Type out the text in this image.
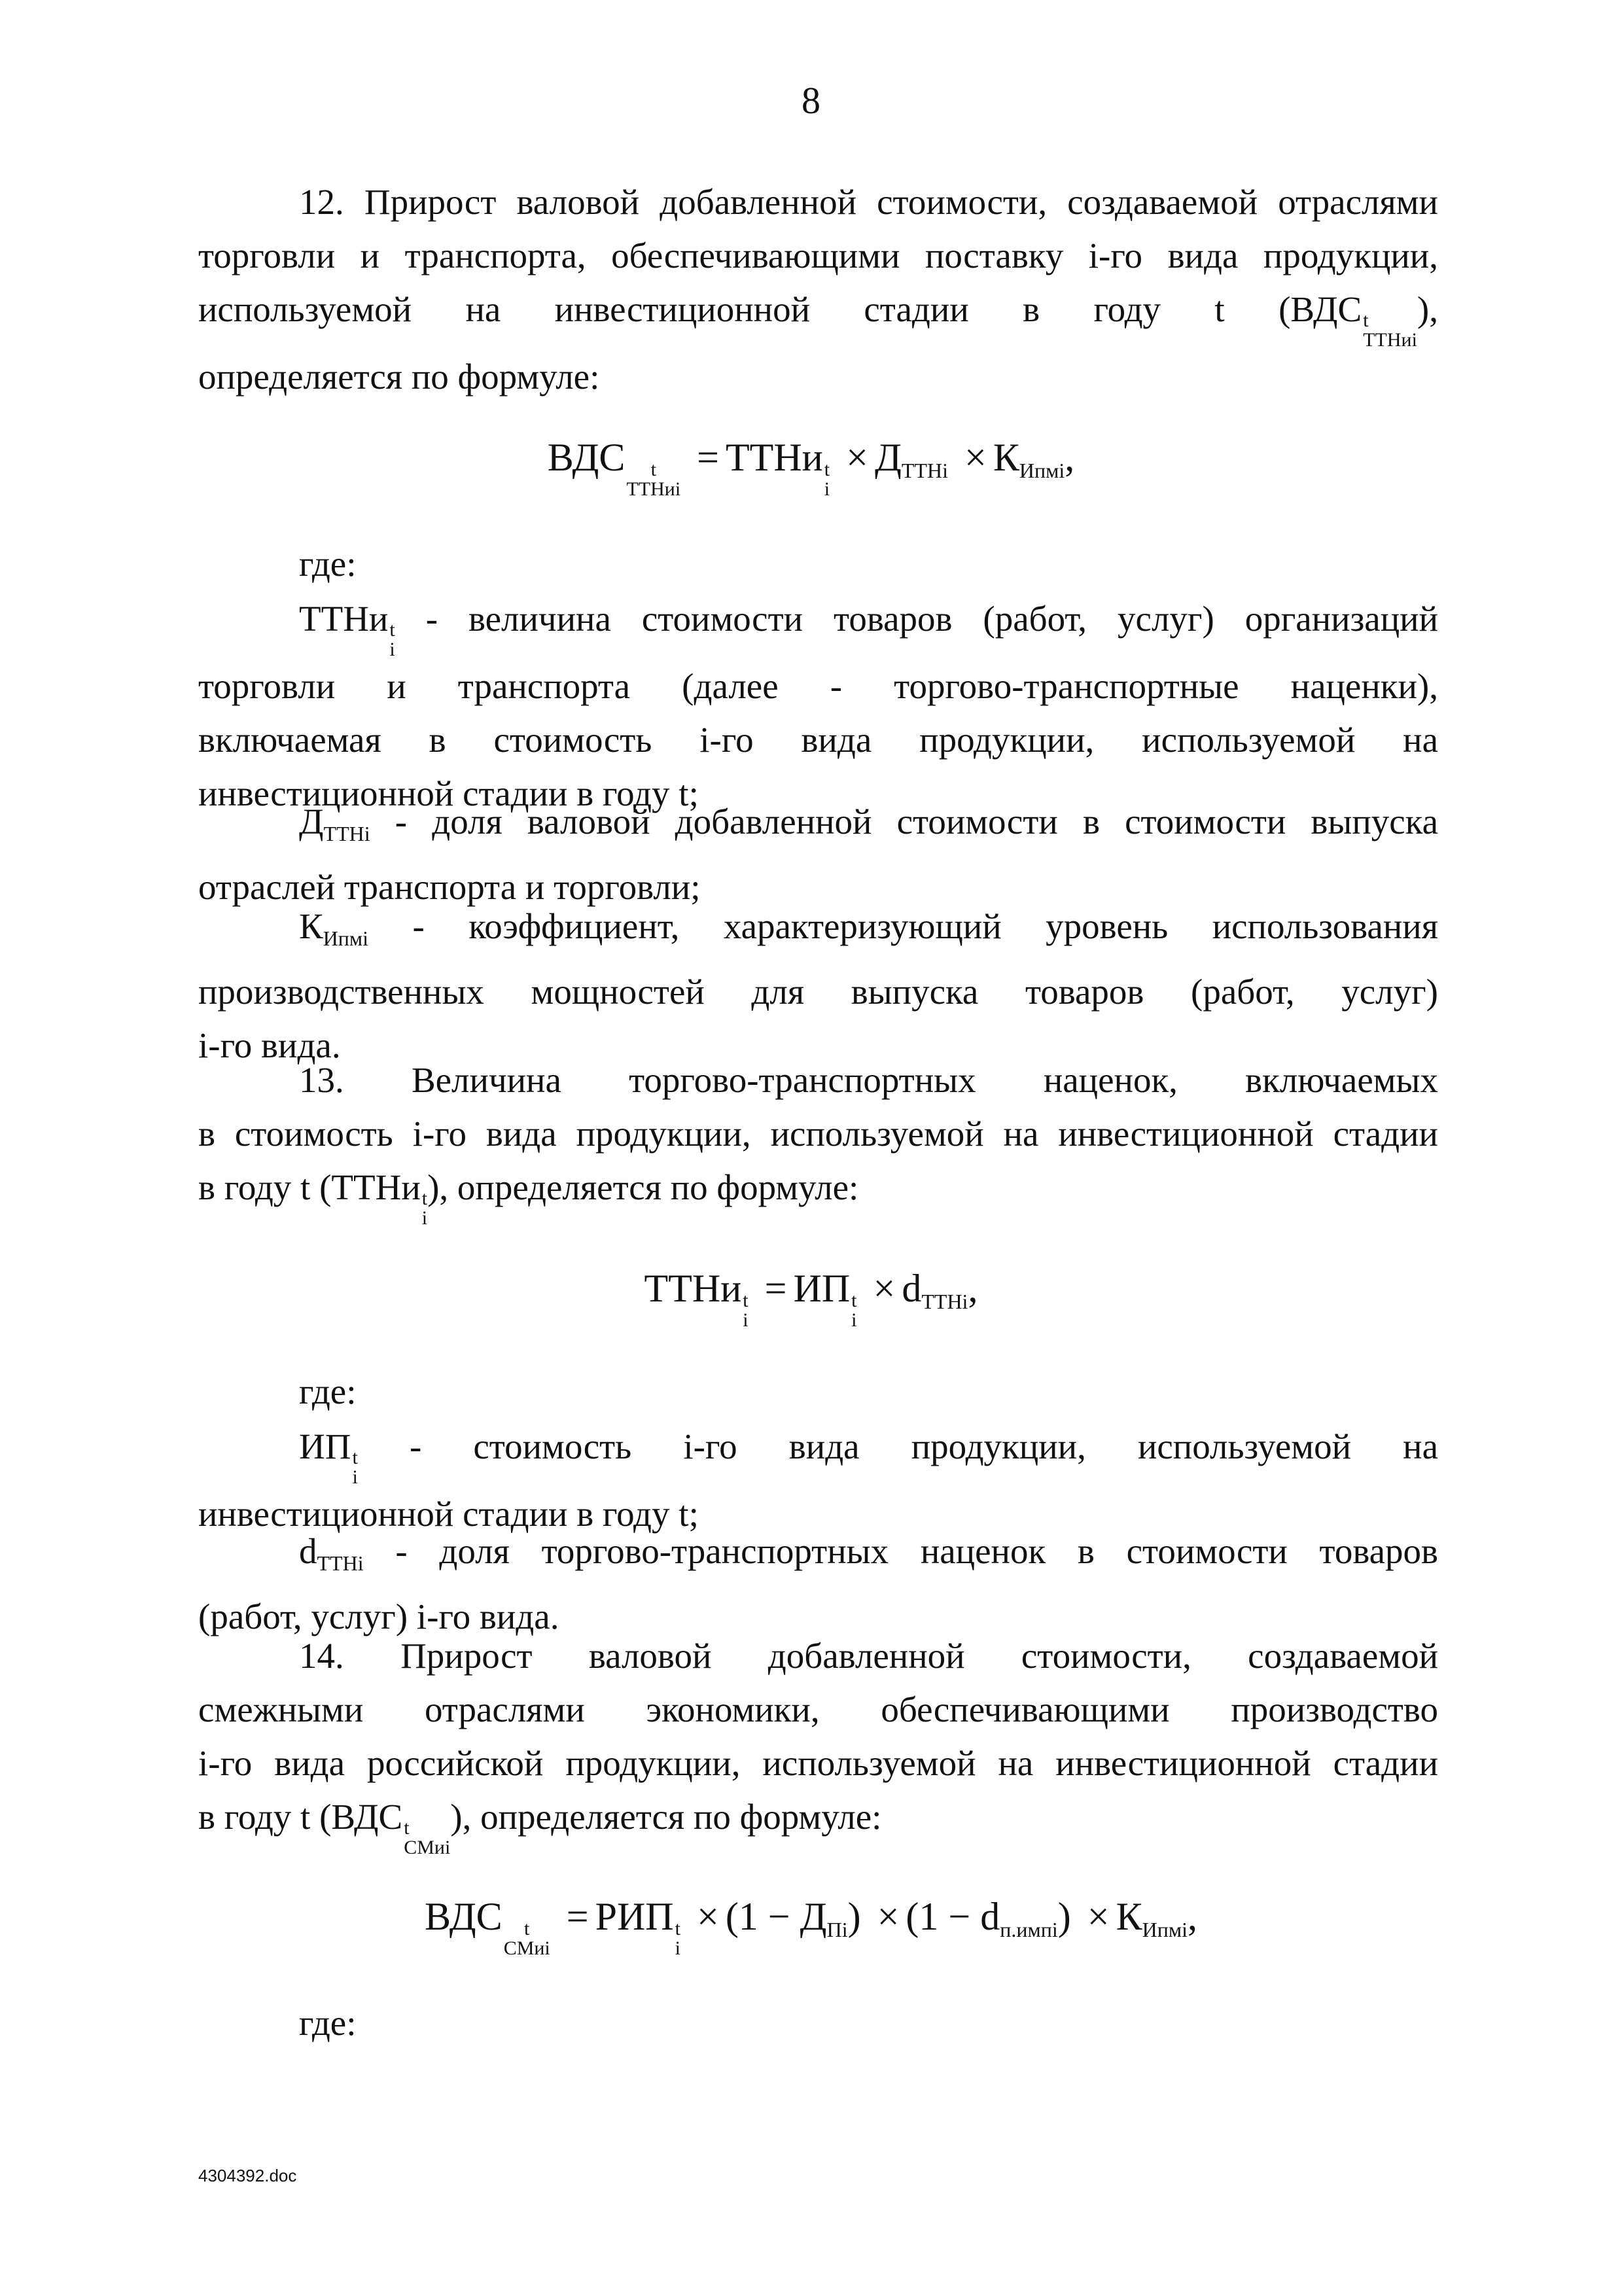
8
12. Прирост валовой добавленной стоимости, создаваемой отраслями
торговли и транспорта, обеспечивающими поставку i-го вида продукции,
используемой на инвестиционной стадии в году t (ВДС t
ТТНиi
),
определяется по формуле:
ВДС	t
ТТНиi
= ТТНи t
i
× $Д_{ТТНi} \times К_{Ипмi}$,
где:
ТТНи t
i
- величина стоимости товаров (работ, услуг) организаций
торговли и транспорта (далее - торгово-транспортные наценки),
включаемая в стоимость i-го вида продукции, используемой на
инвестиционной стадии в году t;
$Д_{ТТНi}$ - доля валовой добавленной стоимости в стоимости выпуска
отраслей транспорта и торговли;
$К_{Ипмi}$ - коэффициент, характеризующий уровень использования
производственных мощностей для выпуска товаров (работ, услуг)
i-го вида.
13. Величина торгово-транспортных наценок, включаемых
в стоимость i-го вида продукции, используемой на инвестиционной стадии
в году t (ТТНи t
i
), определяется по формуле:
ТТНи t
i
= ИП t
i
× $d_{ТТНi}$,
где:
ИП t
i
- стоимость i-го вида продукции, используемой на
инвестиционной стадии в году t;
$d_{ТТНi}$ - доля торгово-транспортных наценок в стоимости товаров
(работ, услуг) i-го вида.
14. Прирост валовой добавленной стоимости, создаваемой
смежными отраслями экономики, обеспечивающими производство
i-го вида российской продукции, используемой на инвестиционной стадии
в году t (ВДС t
СМиi
), определяется по формуле:
ВДС	t
СМиi
= РИП t
i
× $(1 - Д_{Пi}) \times (1 - d_{п.импi}) \times К_{Ипмi}$,
где:
4304392.doc
